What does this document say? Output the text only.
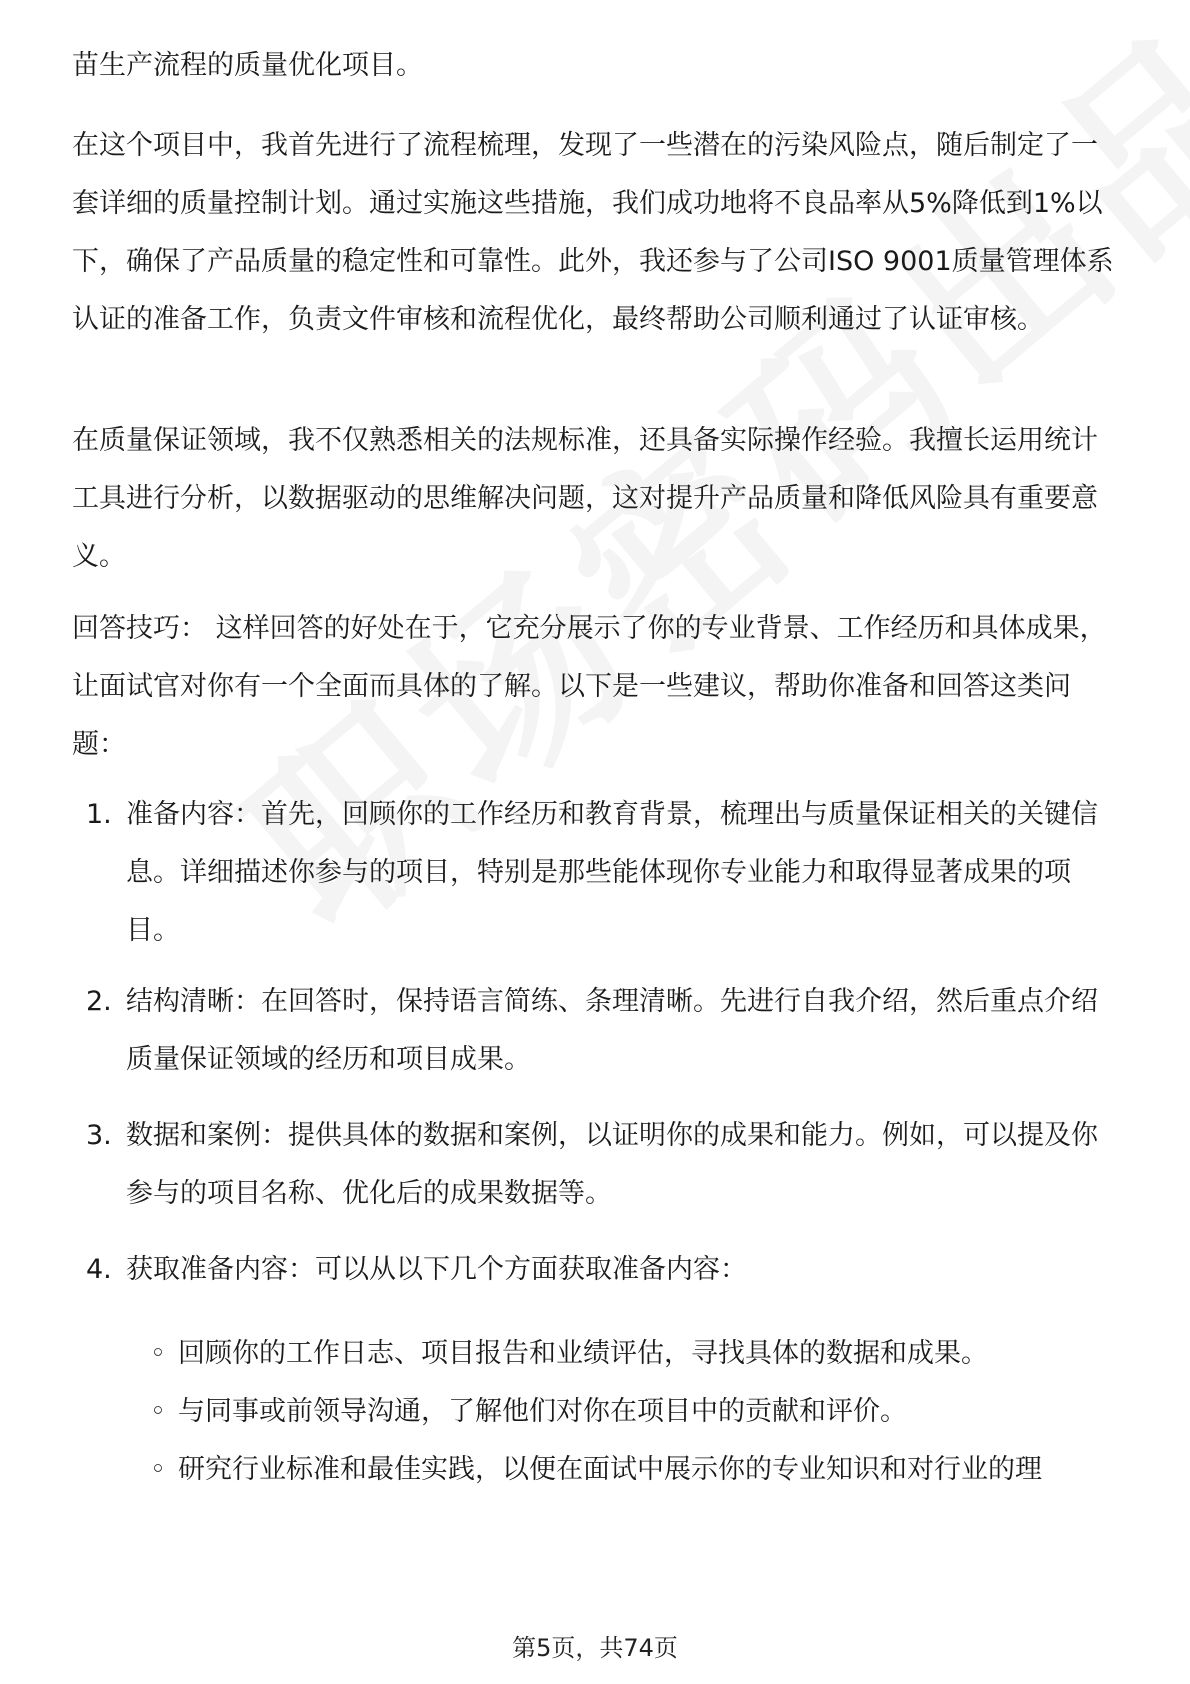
苗生产流程的质量优化项目。

在这个项目中，我首先进行了流程梳理，发现了一些潜在的污染风险点，随后制定了一套详细的质量控制计划。通过实施这些措施，我们成功地将不良品率从5%降低到1%以下，确保了产品质量的稳定性和可靠性。此外，我还参与了公司ISO 9001质量管理体系认证的准备工作，负责文件审核和流程优化，最终帮助公司顺利通过了认证审核。

在质量保证领域，我不仅熟悉相关的法规标准，还具备实际操作经验。我擅长运用统计工具进行分析，以数据驱动的思维解决问题，这对提升产品质量和降低风险具有重要意义。

回答技巧： 这样回答的好处在于，它充分展示了你的专业背景、工作经历和具体成果，让面试官对你有一个全面而具体的了解。以下是一些建议，帮助你准备和回答这类问题：

1. 准备内容：首先，回顾你的工作经历和教育背景，梳理出与质量保证相关的关键信息。详细描述你参与的项目，特别是那些能体现你专业能力和取得显著成果的项目。

2. 结构清晰：在回答时，保持语言简练、条理清晰。先进行自我介绍，然后重点介绍质量保证领域的经历和项目成果。

3. 数据和案例：提供具体的数据和案例，以证明你的成果和能力。例如，可以提及你参与的项目名称、优化后的成果数据等。

4. 获取准备内容：可以从以下几个方面获取准备内容：

◦ 回顾你的工作日志、项目报告和业绩评估，寻找具体的数据和成果。
◦ 与同事或前领导沟通，了解他们对你在项目中的贡献和评价。
◦ 研究行业标准和最佳实践，以便在面试中展示你的专业知识和对行业的理
第5页，共74页
